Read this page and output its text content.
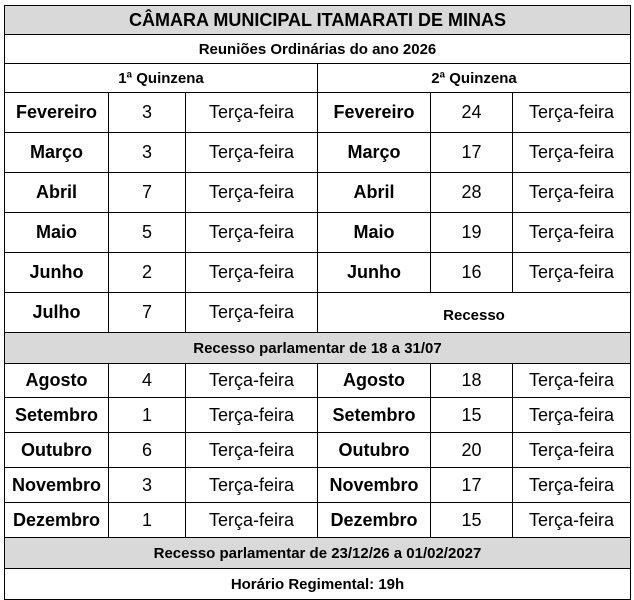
CÂMARA MUNICIPAL ITAMARATI DE MINAS					
Reuniões Ordinárias do ano 2026					
1ª Quinzena			2ª Quinzena		
Fevereiro	3	Terça-feira	Fevereiro	24	Terça-feira
Março	3	Terça-feira	Março	17	Terça-feira
Abril	7	Terça-feira	Abril	28	Terça-feira
Maio	5	Terça-feira	Maio	19	Terça-feira
Junho	2	Terça-feira	Junho	16	Terça-feira
Julho	7	Terça-feira	Recesso		
Recesso parlamentar de 18 a 31/07					
Agosto	4	Terça-feira	Agosto	18	Terça-feira
Setembro	1	Terça-feira	Setembro	15	Terça-feira
Outubro	6	Terça-feira	Outubro	20	Terça-feira
Novembro	3	Terça-feira	Novembro	17	Terça-feira
Dezembro	1	Terça-feira	Dezembro	15	Terça-feira
Recesso parlamentar de 23/12/26 a 01/02/2027					
Horário Regimental: 19h					
